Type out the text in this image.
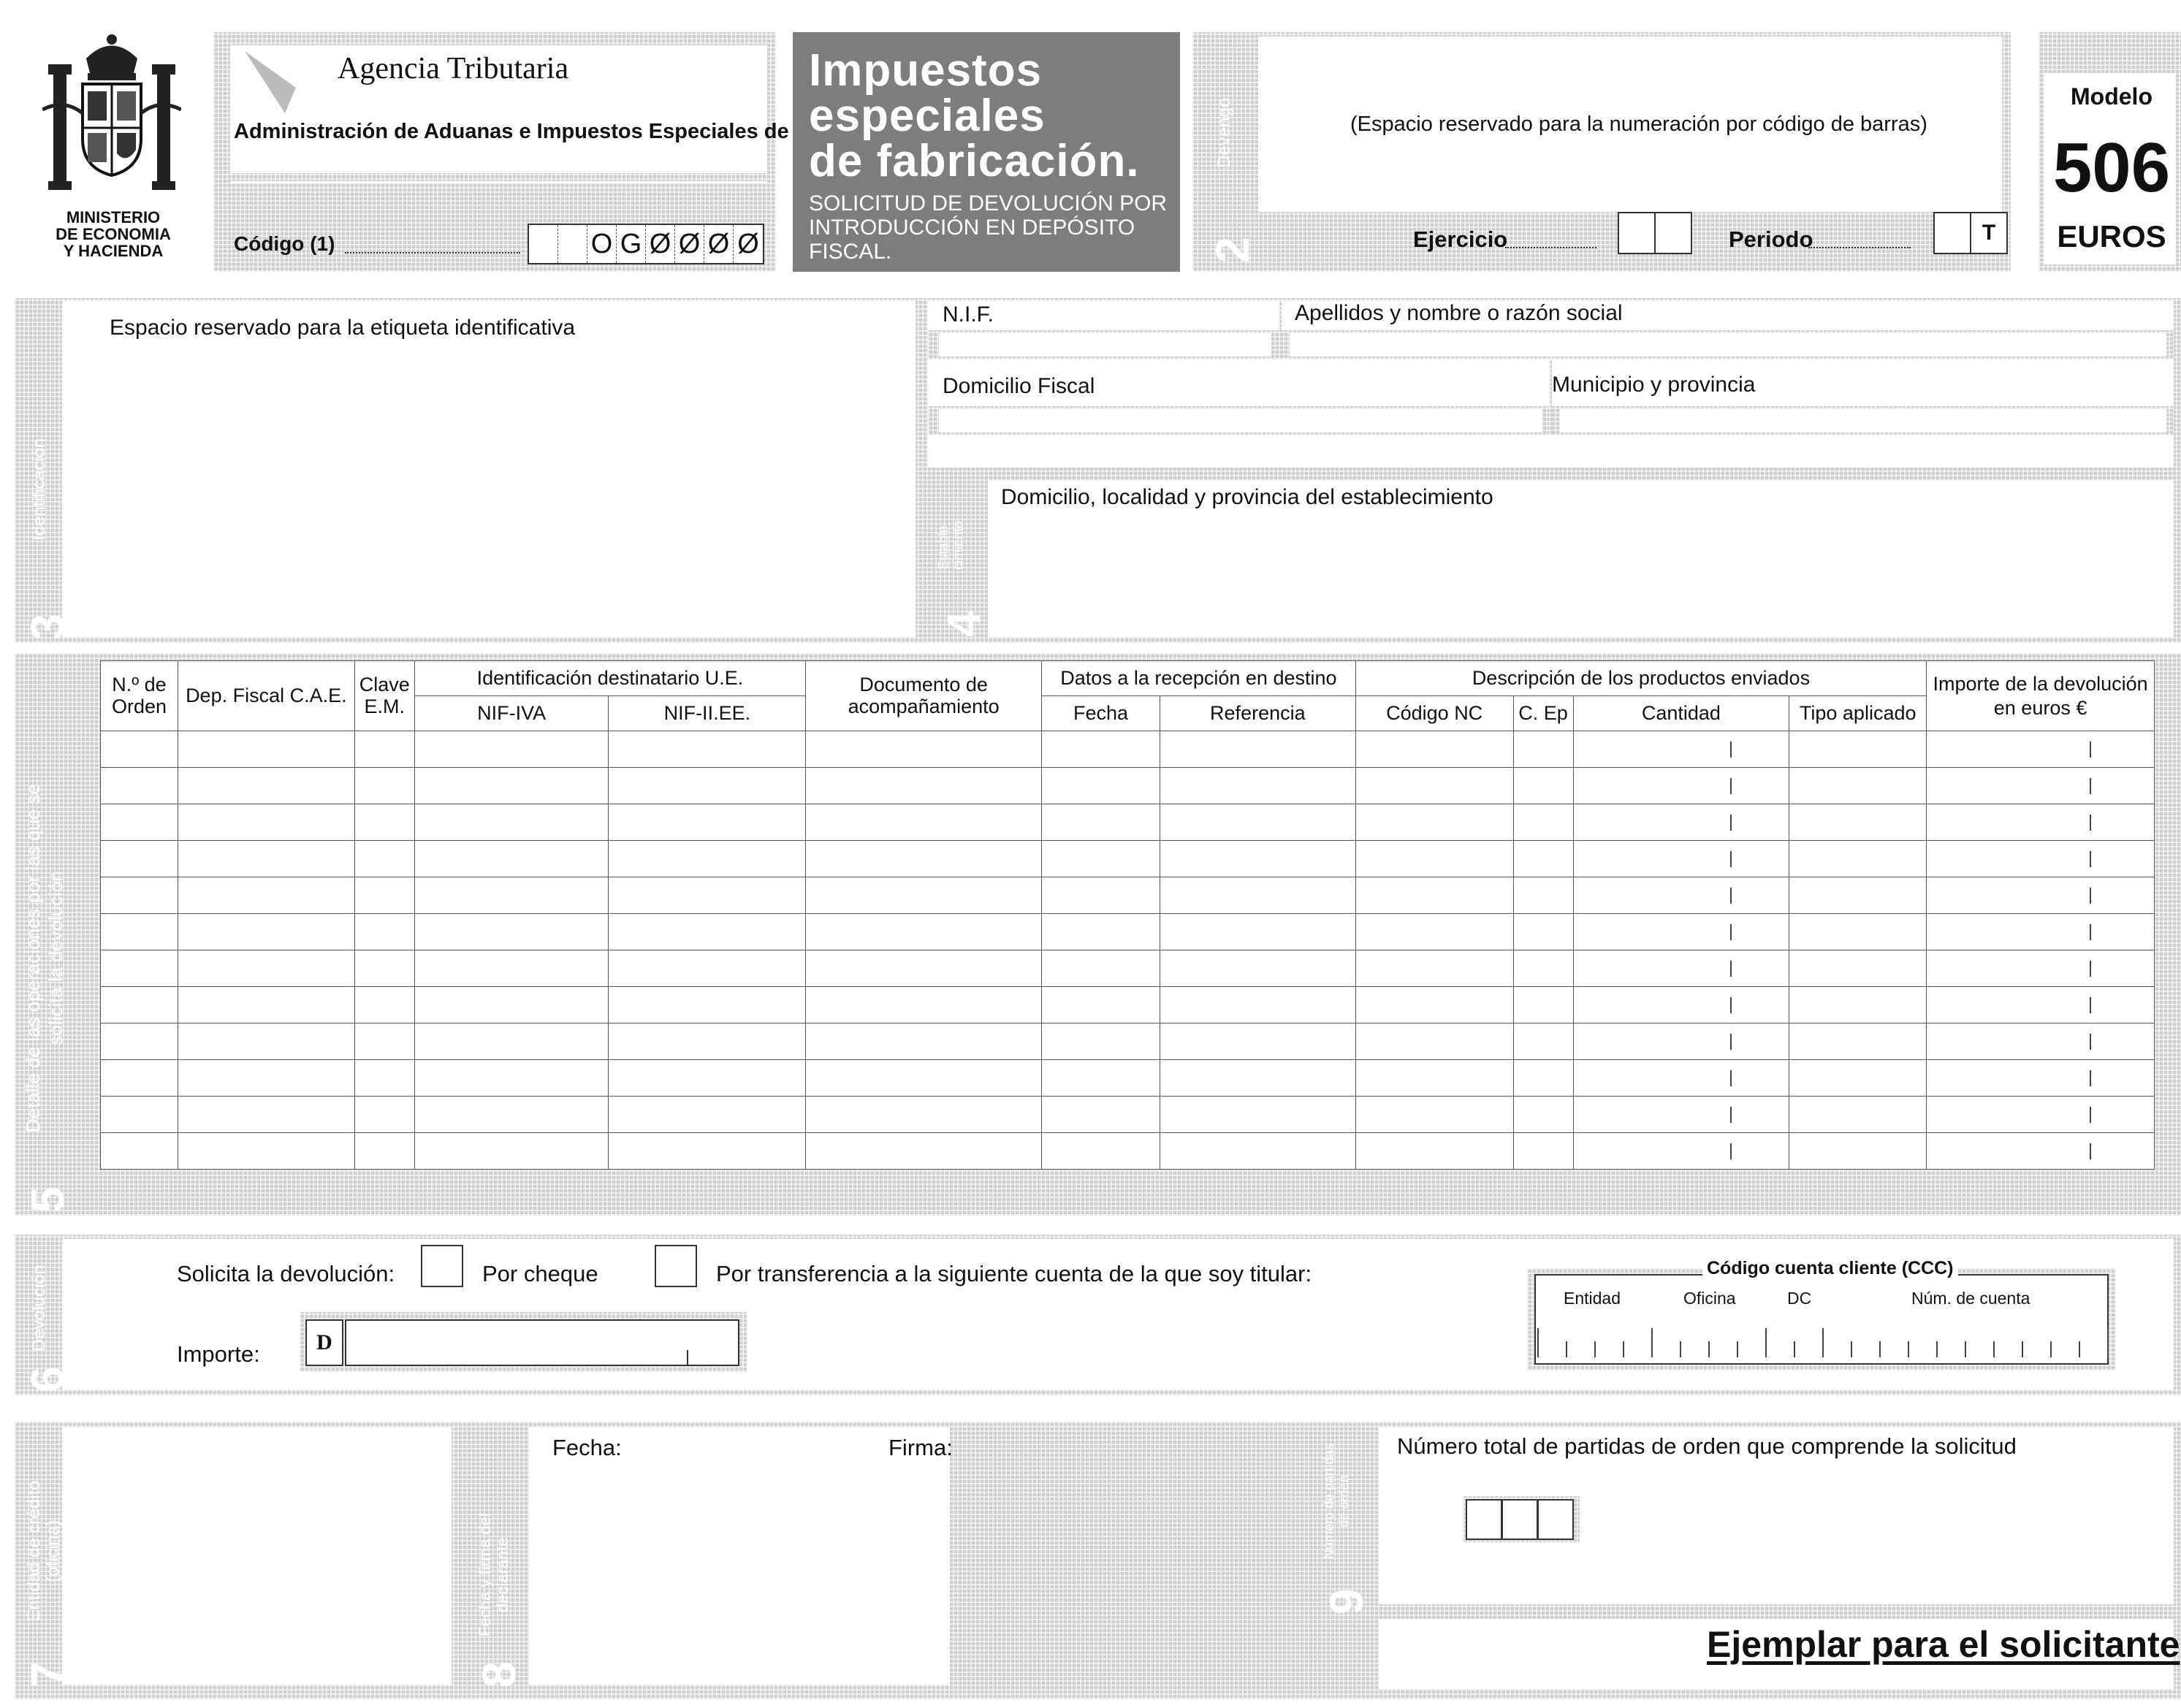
MINISTERIO
DE ECONOMIA
Y HACIENDA
Agencia Tributaria
Administración de Aduanas e Impuestos Especiales de
Código (1)	O G Ø Ø Ø Ø
Impuestos especiales
de fabricación.
SOLICITUD DE DEVOLUCIÓN POR
INTRODUCCIÓN EN DEPÓSITO FISCAL.	2
Devengo	(Espacio reservado para la numeración por código de barras)
Ejercicio	Periodo	T
Modelo
506
EUROS
Espacio reservado para la etiqueta identificativa
3
Identificación
N.I.F.	Apellidos y nombre o razón social
Domicilio Fiscal	Municipio y provincia
Domicilio, localidad y provincia del establecimiento
4
Estable- cimiento
5
Detalle de las operaciones por las que se solicita la devolución
N.º de Orden	Dep. Fiscal C.A.E.	Clave E.M.	Identificación destinatario U.E.		Documento de acompañamiento	Datos a la recepción en destino		Descripción de los productos enviados				Importe de la devolución en euros €
			NIF-IVA	NIF-II.EE.		Fecha	Referencia	Código NC	C. Ep	Cantidad	Tipo aplicado	

6
Devolución	Solicita la devolución:	Por cheque	Por transferencia a la siguiente cuenta de la que soy titular:
Importe:	D
Código cuenta cliente (CCC)
Entidad	Oficina	DC	Núm. de cuenta
7
Entidad de crédito (oficina)
8
Fecha y firma del declarante
Fecha:	Firma:
9
Número de partidas de orden
Número total de partidas de orden que comprende la solicitud
Ejemplar para el solicitante
